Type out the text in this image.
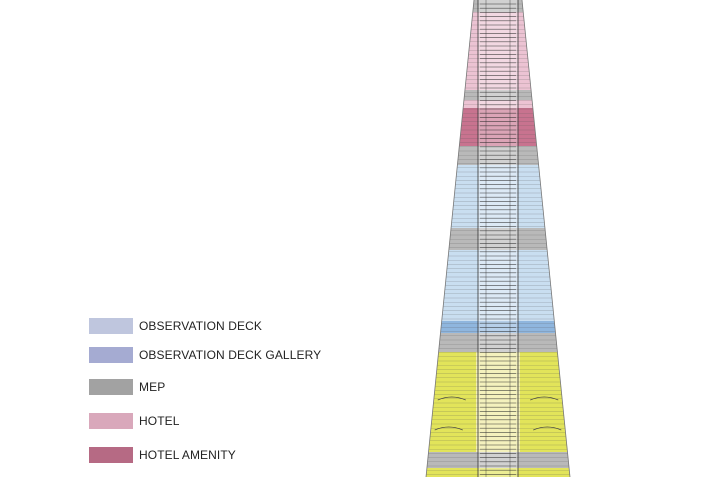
OBSERVATION DECK
OBSERVATION DECK GALLERY
MEP
HOTEL
HOTEL AMENITY
